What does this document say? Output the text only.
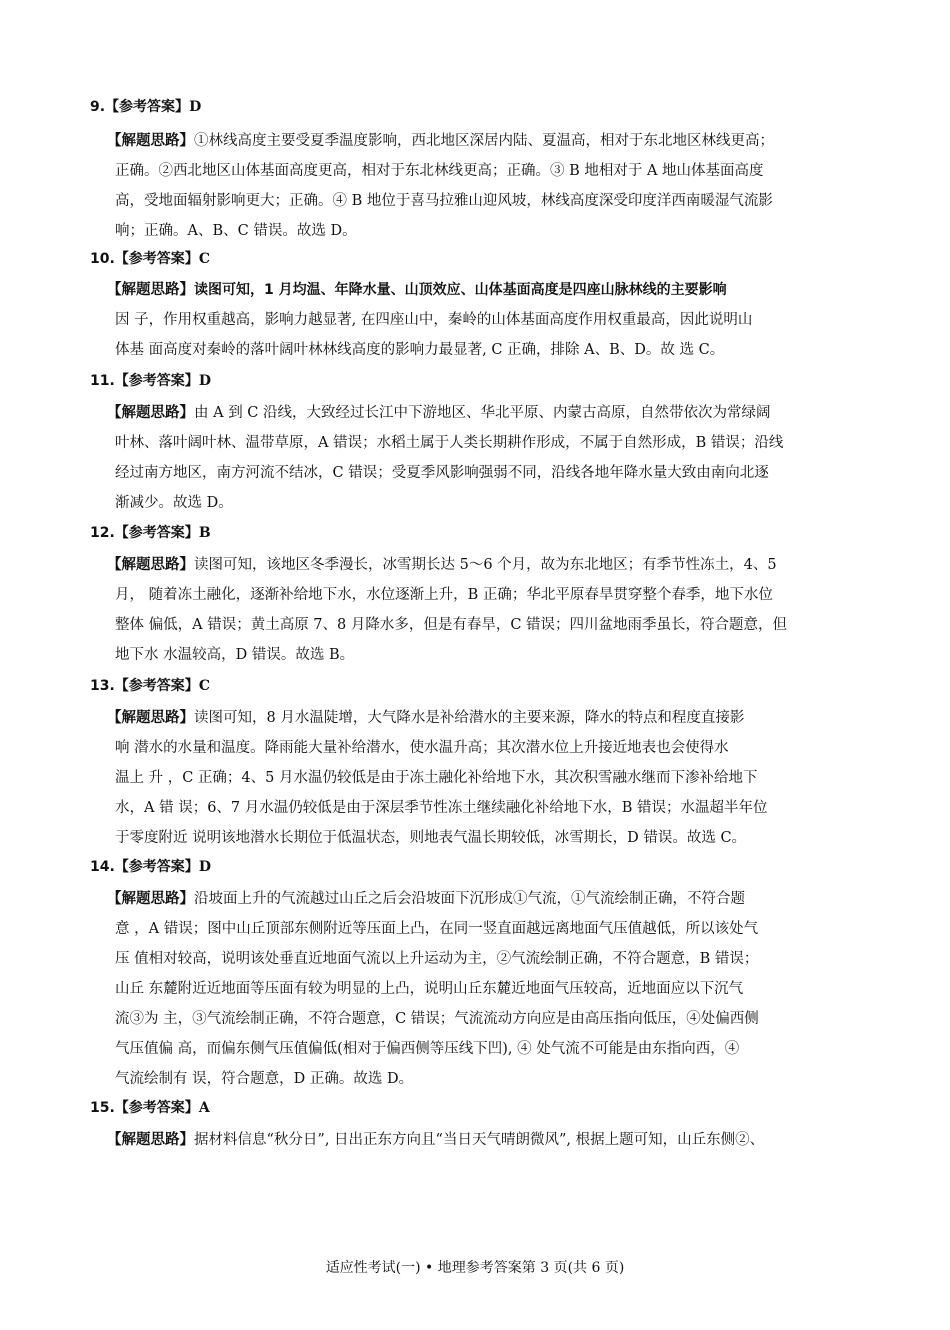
9.【参考答案】D
【解题思路】①林线高度主要受夏季温度影响，西北地区深居内陆、夏温高，相对于东北地区林线更高；
正确。②西北地区山体基面高度更高，相对于东北林线更高；正确。③ B 地相对于 A 地山体基面高度
高，受地面辐射影响更大；正确。④ B 地位于喜马拉雅山迎风坡，林线高度深受印度洋西南暖湿气流影
响；正确。A、B、C 错误。故选 D。
10.【参考答案】C
【解题思路】读图可知，1 月均温、年降水量、山顶效应、山体基面高度是四座山脉林线的主要影响
因 子，作用权重越高，影响力越显著, 在四座山中，秦岭的山体基面高度作用权重最高，因此说明山
体基 面高度对秦岭的落叶阔叶林林线高度的影响力最显著, C 正确，排除 A、B、D。故 选 C。
11.【参考答案】D
【解题思路】由 A 到 C 沿线，大致经过长江中下游地区、华北平原、内蒙古高原，自然带依次为常绿阔
叶林、落叶阔叶林、温带草原，A 错误；水稻土属于人类长期耕作形成，不属于自然形成，B 错误；沿线
经过南方地区，南方河流不结冰，C 错误；受夏季风影响强弱不同，沿线各地年降水量大致由南向北逐
渐减少。故选 D。
12.【参考答案】B
【解题思路】读图可知，该地区冬季漫长，冰雪期长达 5～6 个月，故为东北地区；有季节性冻土，4、5
月， 随着冻土融化，逐渐补给地下水，水位逐渐上升，B 正确；华北平原春旱贯穿整个春季，地下水位
整体 偏低，A 错误；黄土高原 7、8 月降水多，但是有春旱，C 错误；四川盆地雨季虽长，符合题意，但
地下水 水温较高，D 错误。故选 B。
13.【参考答案】C
【解题思路】读图可知，8 月水温陡增，大气降水是补给潜水的主要来源，降水的特点和程度直接影
响 潜水的水量和温度。降雨能大量补给潜水，使水温升高；其次潜水位上升接近地表也会使得水
温上 升 ，C 正确；4、5 月水温仍较低是由于冻土融化补给地下水，其次积雪融水继而下渗补给地下
水，A 错 误；6、7 月水温仍较低是由于深层季节性冻土继续融化补给地下水，B 错误；水温超半年位
于零度附近 说明该地潜水长期位于低温状态，则地表气温长期较低，冰雪期长，D 错误。故选 C。
14.【参考答案】D
【解题思路】沿坡面上升的气流越过山丘之后会沿坡面下沉形成①气流，①气流绘制正确，不符合题
意 ，A 错误；图中山丘顶部东侧附近等压面上凸，在同一竖直面越远离地面气压值越低，所以该处气
压 值相对较高，说明该处垂直近地面气流以上升运动为主，②气流绘制正确，不符合题意，B 错误；
山丘 东麓附近近地面等压面有较为明显的上凸，说明山丘东麓近地面气压较高，近地面应以下沉气
流③为 主，③气流绘制正确，不符合题意，C 错误；气流流动方向应是由高压指向低压，④处偏西侧
气压值偏 高，而偏东侧气压值偏低(相对于偏西侧等压线下凹), ④ 处气流不可能是由东指向西，④
气流绘制有 误，符合题意，D 正确。故选 D。
15.【参考答案】A
【解题思路】据材料信息“秋分日”, 日出正东方向且“当日天气晴朗微风”, 根据上题可知，山丘东侧②、
适应性考试(一) • 地理参考答案第 3 页(共 6 页)
